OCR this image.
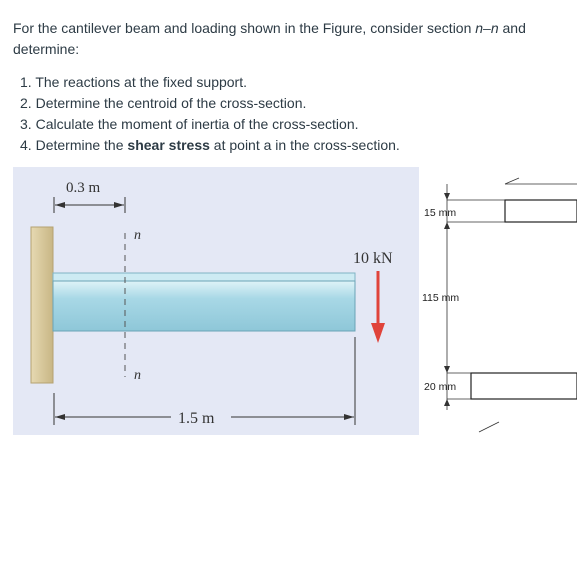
For the cantilever beam and loading shown in the Figure, consider section n–n and determine:

1. The reactions at the fixed support.
2. Determine the centroid of the cross-section.
3. Calculate the moment of inertia of the cross-section.
4. Determine the shear stress at point a in the cross-section.
n
n
0.3 m
10 kN
1.5 m
15 mm
115 mm
20 mm
